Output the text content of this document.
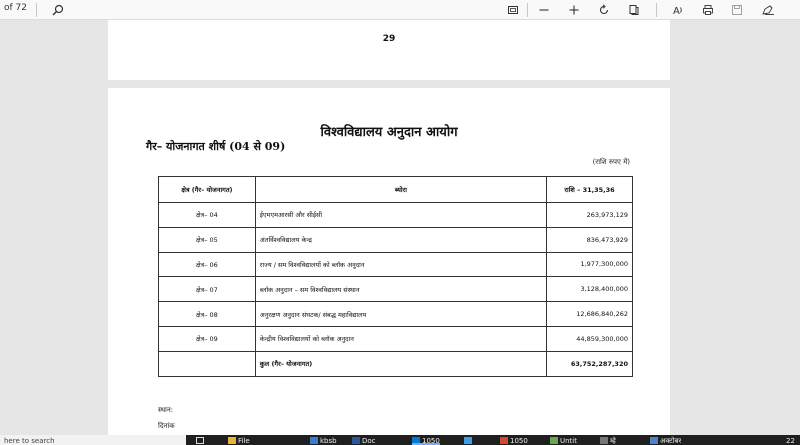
of 72	A
29
विश्वविद्यालय अनुदान आयोग
गैर– योजनागत शीर्ष (04 से 09)
(राशि रुपए में)
क्षेत्र (गैर– योजनागत)	ब्योरा	राशि – 31,35,36
क्षेत्र– 04	ईएमएमआरसी और सीईसी	263,973,129
क्षेत्र– 05	अंतर्विश्वविद्यालय केन्द्र	836,473,929
क्षेत्र– 06	राज्य / सम विश्वविद्यालयों को ब्लॉक अनुदान	1,977,300,000
क्षेत्र– 07	ब्लॉक अनुदान – सम विश्वविद्यालय संस्थान	3,128,400,000
क्षेत्र– 08	अनुरक्षण अनुदान संघटक/ संबद्ध महाविद्यालय	12,686,840,262
क्षेत्र– 09	केन्द्रीय विश्वविद्यालयों को ब्लॉक अनुदान	44,859,300,000
	कुल (गैर– योजनागत)	63,752,287,320
स्थान:
दिनांक
here to search	File	kbsb	Doc	1050	1050	Untit	म्हे	अक्टोबर	22
